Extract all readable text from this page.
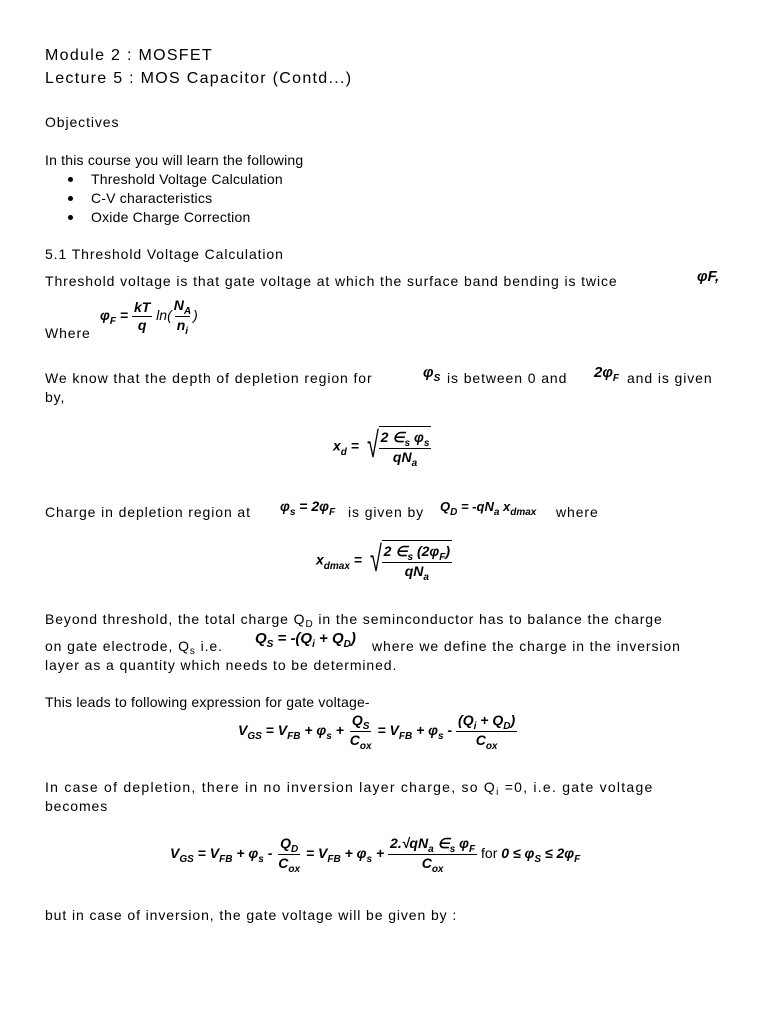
Module 2 : MOSFET
Lecture 5 : MOS Capacitor (Contd...)
Objectives
In this course you will learn the following
Threshold Voltage Calculation
C-V characteristics
Oxide Charge Correction
5.1 Threshold Voltage Calculation
Threshold voltage is that gate voltage at which the surface band bending is twice	φF,
$\varphi_F = \frac{kT}{q} \ln( \frac{N_A}{n_i}$ )
Where
We know that the depth of depletion region for	$\varphi_S$ is between 0 and $2\varphi_F$ and is given
by,
$x_d$ = √ $\frac{2 \in_s \varphi_s}{qN_a}$
Charge in depletion region at $\varphi_s = 2\varphi_F$ is given by $Q_D = -qN_a$ $x_{dmax}$ where
$x_{dmax}$ = √ $\frac{2 \in_s (2\varphi_F)}{qN_a}$
Beyond threshold, the total charge $Q_D$ in the seminconductor has to balance the charge
on gate electrode, $Q_s$ i.e. $Q_S = -(Q_i + Q_D)$ where we define the charge in the inversion
layer as a quantity which needs to be determined.
This leads to following expression for gate voltage-
$V_{GS} = V_{FB} + \varphi_s + \frac{Q_S}{C_{ox}} = V_{FB} + \varphi_s - \frac{(Q_i + Q_D)}{C_{ox}}$
In case of depletion, there in no inversion layer charge, so $Q_i =0$, i.e. gate voltage
becomes
$V_{GS} = V_{FB} + \varphi_s - \frac{Q_D}{C_{ox}} = V_{FB} + \varphi_s + \frac{2.√qN_a \in_s \varphi_F}{C_{ox}}$ for $0 \le \varphi_S \le 2\varphi_F$
but in case of inversion, the gate voltage will be given by :
